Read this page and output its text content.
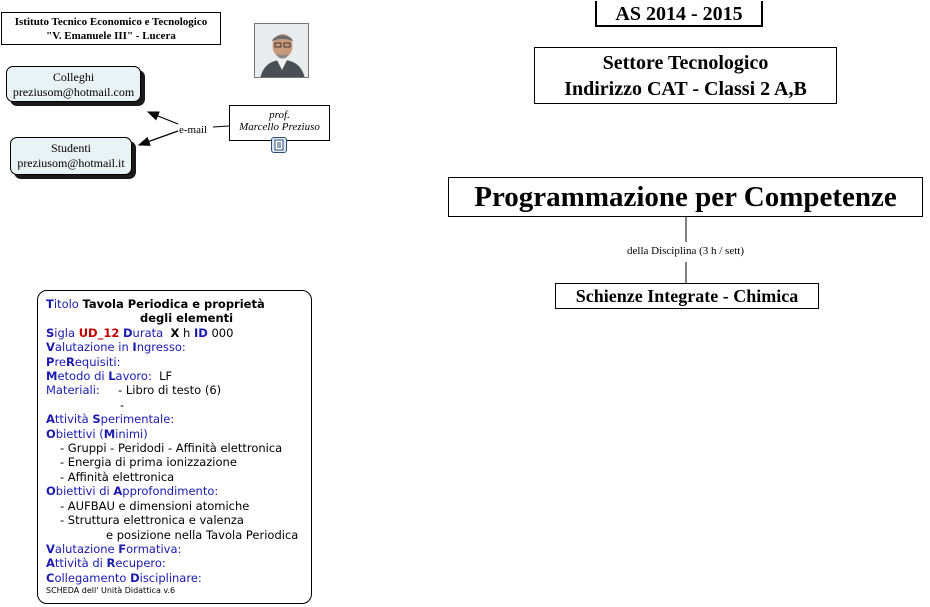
Istituto Tecnico Economico e Tecnologico
"V. Emanuele III" - Lucera
Colleghi
preziusom@hotmail.com
Studenti
preziusom@hotmail.it
e-mail
prof.
Marcello Preziuso
AS 2014 - 2015
Settore Tecnologico
Indirizzo CAT - Classi 2 A,B
Programmazione per Competenze
della Disciplina (3 h / sett)
Schienze Integrate - Chimica
Titolo Tavola Periodica e proprietà
degli elementi
Sigla UD_12 Durata X h ID 000
Valutazione in Ingresso:
PreRequisiti:
Metodo di Lavoro: LF
Materiali: - Libro di testo (6)
-
Attività Sperimentale:
Obiettivi (Minimi)
- Gruppi - Peridodi - Affinità elettronica
- Energia di prima ionizzazione
- Affinità elettronica
Obiettivi di Approfondimento:
- AUFBAU e dimensioni atomiche
- Struttura elettronica e valenza
e posizione nella Tavola Periodica
Valutazione Formativa:
Attività di Recupero:
Collegamento Disciplinare:
SCHEDA dell' Unità Didattica v.6
